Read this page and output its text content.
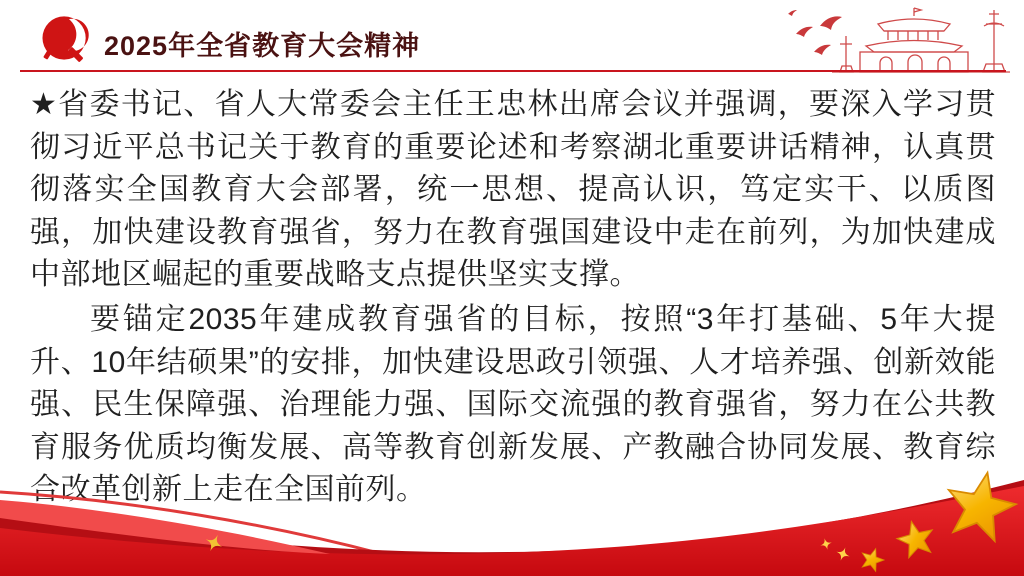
2025年全省教育大会精神

★省委书记、省人大常委会主任王忠林出席会议并强调，要深入学习贯彻习近平总书记关于教育的重要论述和考察湖北重要讲话精神，认真贯彻落实全国教育大会部署，统一思想、提高认识，笃定实干、以质图强，加快建设教育强省，努力在教育强国建设中走在前列，为加快建成中部地区崛起的重要战略支点提供坚实支撑。

要锚定2035年建成教育强省的目标，按照“3年打基础、5年大提升、10年结硕果”的安排，加快建设思政引领强、人才培养强、创新效能强、民生保障强、治理能力强、国际交流强的教育强省，努力在公共教育服务优质均衡发展、高等教育创新发展、产教融合协同发展、教育综合改革创新上走在全国前列。
